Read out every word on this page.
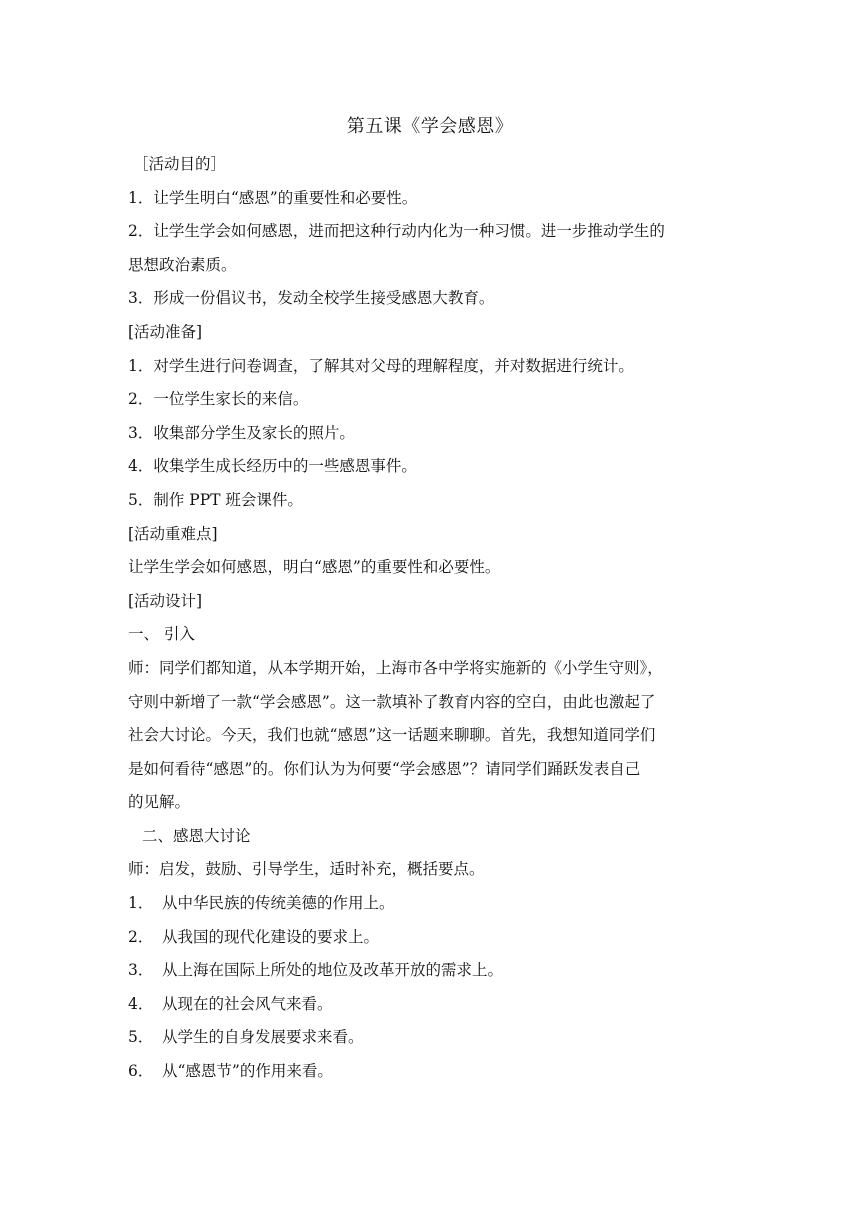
第五课《学会感恩》
［活动目的］
1．让学生明白“感恩”的重要性和必要性。
2．让学生学会如何感恩，进而把这种行动内化为一种习惯。进一步推动学生的
思想政治素质。
3．形成一份倡议书，发动全校学生接受感恩大教育。
[活动准备]
1．对学生进行问卷调查，了解其对父母的理解程度，并对数据进行统计。
2．一位学生家长的来信。
3．收集部分学生及家长的照片。
4．收集学生成长经历中的一些感恩事件。
5．制作 PPT 班会课件。
[活动重难点]
让学生学会如何感恩，明白“感恩”的重要性和必要性。
[活动设计]
一、 引入
师：同学们都知道，从本学期开始，上海市各中学将实施新的《小学生守则》，
守则中新增了一款“学会感恩”。这一款填补了教育内容的空白，由此也激起了
社会大讨论。今天，我们也就“感恩”这一话题来聊聊。首先，我想知道同学们
是如何看待“感恩”的。你们认为为何要“学会感恩”？请同学们踊跃发表自己
的见解。
二、感恩大讨论
师：启发，鼓励、引导学生，适时补充，概括要点。
1． 从中华民族的传统美德的作用上。
2． 从我国的现代化建设的要求上。
3． 从上海在国际上所处的地位及改革开放的需求上。
4． 从现在的社会风气来看。
5． 从学生的自身发展要求来看。
6． 从“感恩节”的作用来看。
